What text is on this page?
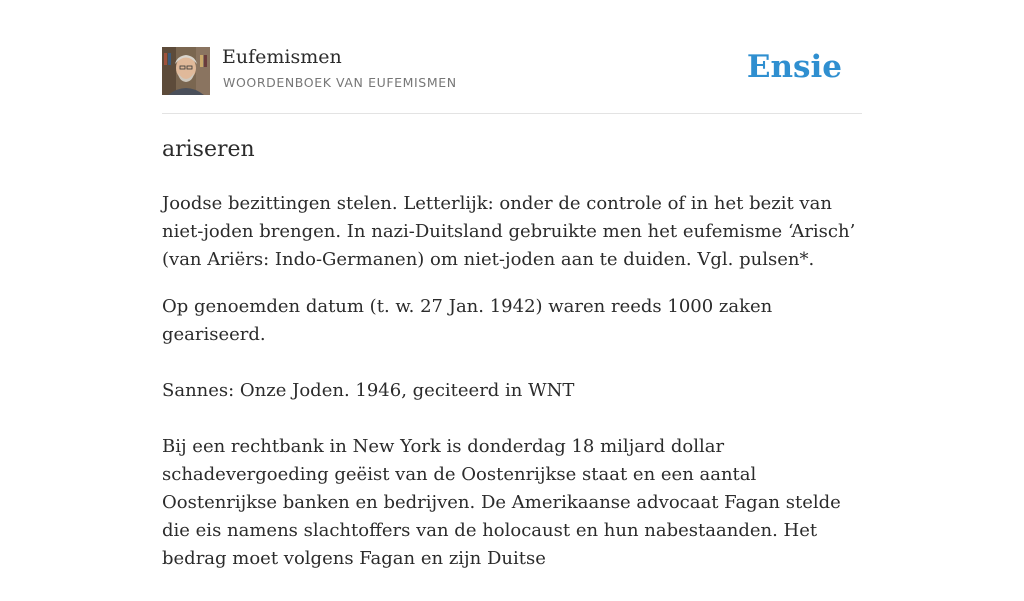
Eufemismen
WOORDENBOEK VAN EUFEMISMEN	Ensie
ariseren

Joodse bezittingen stelen. Letterlijk: onder de controle of in het bezit van niet-joden brengen. In nazi-Duitsland gebruikte men het eufemisme ‘Arisch’ (van Ariërs: Indo-Germanen) om niet-joden aan te duiden. Vgl. pulsen*.

Op genoemden datum (t. w. 27 Jan. 1942) waren reeds 1000 zaken geariseerd.

Sannes: Onze Joden. 1946, geciteerd in WNT

Bij een rechtbank in New York is donderdag 18 miljard dollar schadevergoeding geëist van de Oostenrijkse staat en een aantal Oostenrijkse banken en bedrijven. De Amerikaanse advocaat Fagan stelde die eis namens slachtoffers van de holocaust en hun nabestaanden. Het bedrag moet volgens Fagan en zijn Duitse
